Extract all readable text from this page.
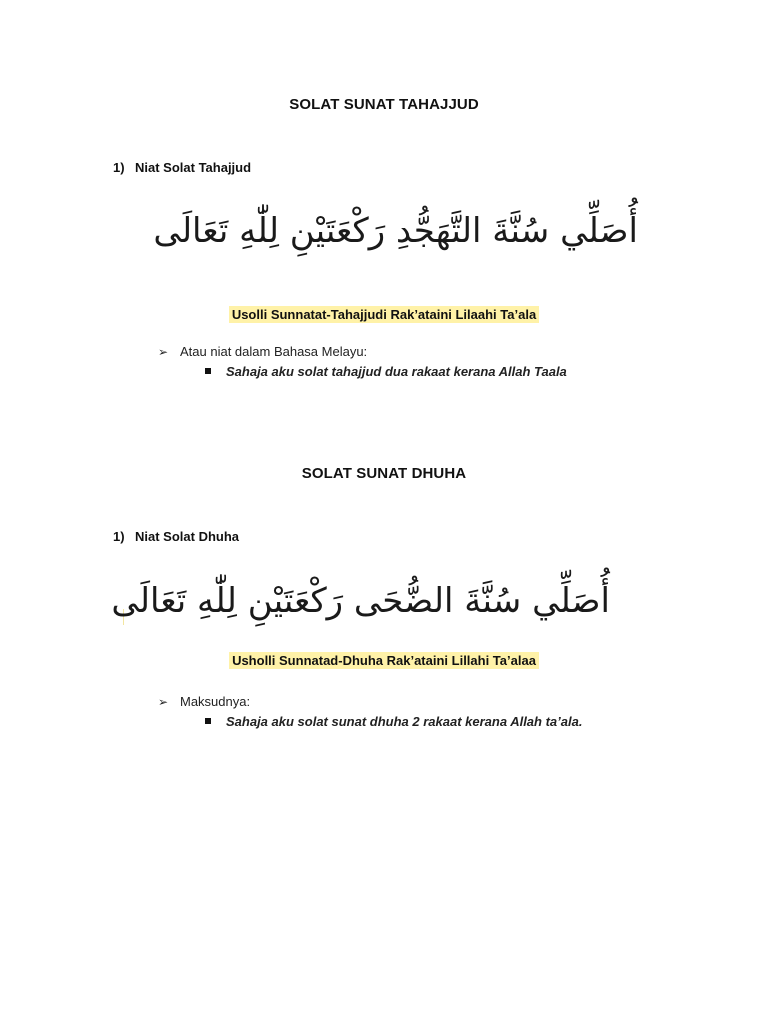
SOLAT SUNAT TAHAJJUD
1) Niat Solat Tahajjud
أُصَلِّي سُنَّةَ التَّهَجُّدِ رَكْعَتَيْنِ لِلّٰهِ تَعَالَى
Usolli Sunnatat-Tahajjudi Rak’ataini Lilaahi Ta’ala
➢ Atau niat dalam Bahasa Melayu:
Sahaja aku solat tahajjud dua rakaat kerana Allah Taala
SOLAT SUNAT DHUHA
1) Niat Solat Dhuha
أُصَلِّي سُنَّةَ الضُّحَى رَكْعَتَيْنِ لِلّٰهِ تَعَالَى
Usholli Sunnatad-Dhuha Rak’ataini Lillahi Ta’alaa
➢ Maksudnya:
Sahaja aku solat sunat dhuha 2 rakaat kerana Allah ta’ala.
